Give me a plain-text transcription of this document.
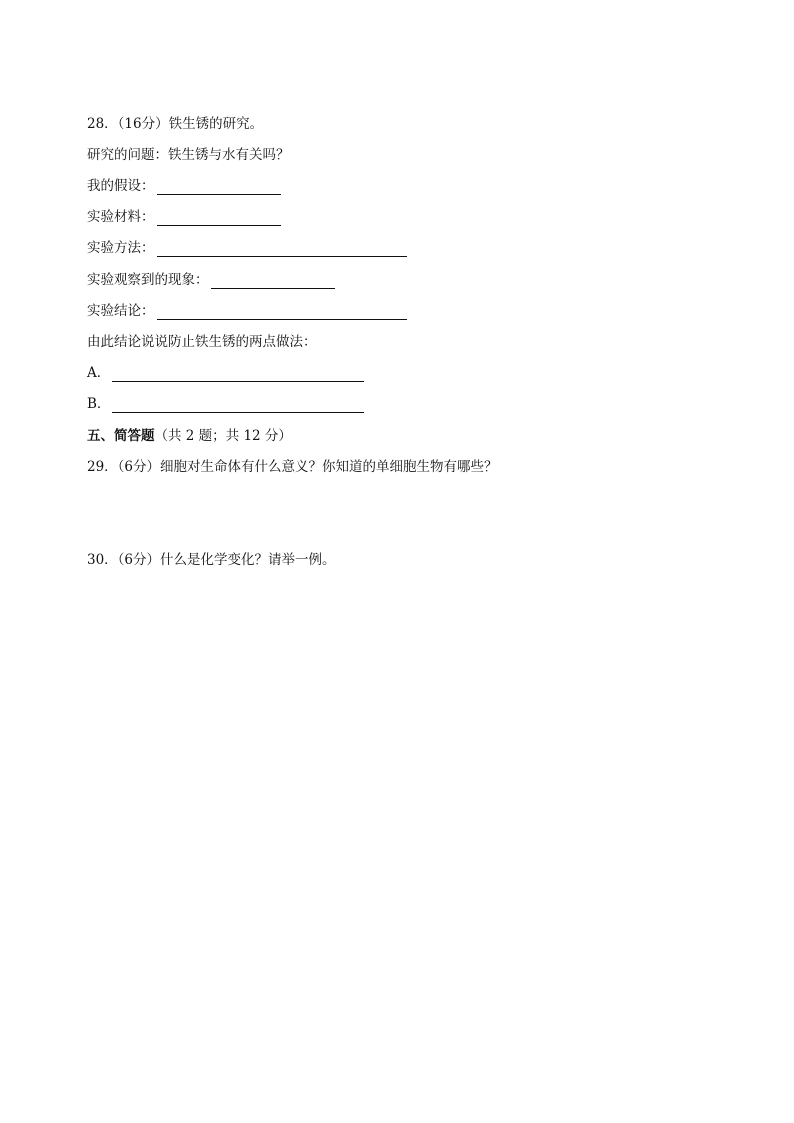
28．（16分）铁生锈的研究。
研究的问题：铁生锈与水有关吗？
我的假设：
实验材料：
实验方法：
实验观察到的现象：
实验结论：
由此结论说说防止铁生锈的两点做法：
A．
B．
五、简答题（共 2 题；共 12 分）
29．（6分）细胞对生命体有什么意义？你知道的单细胞生物有哪些？
30．（6分）什么是化学变化？请举一例。
